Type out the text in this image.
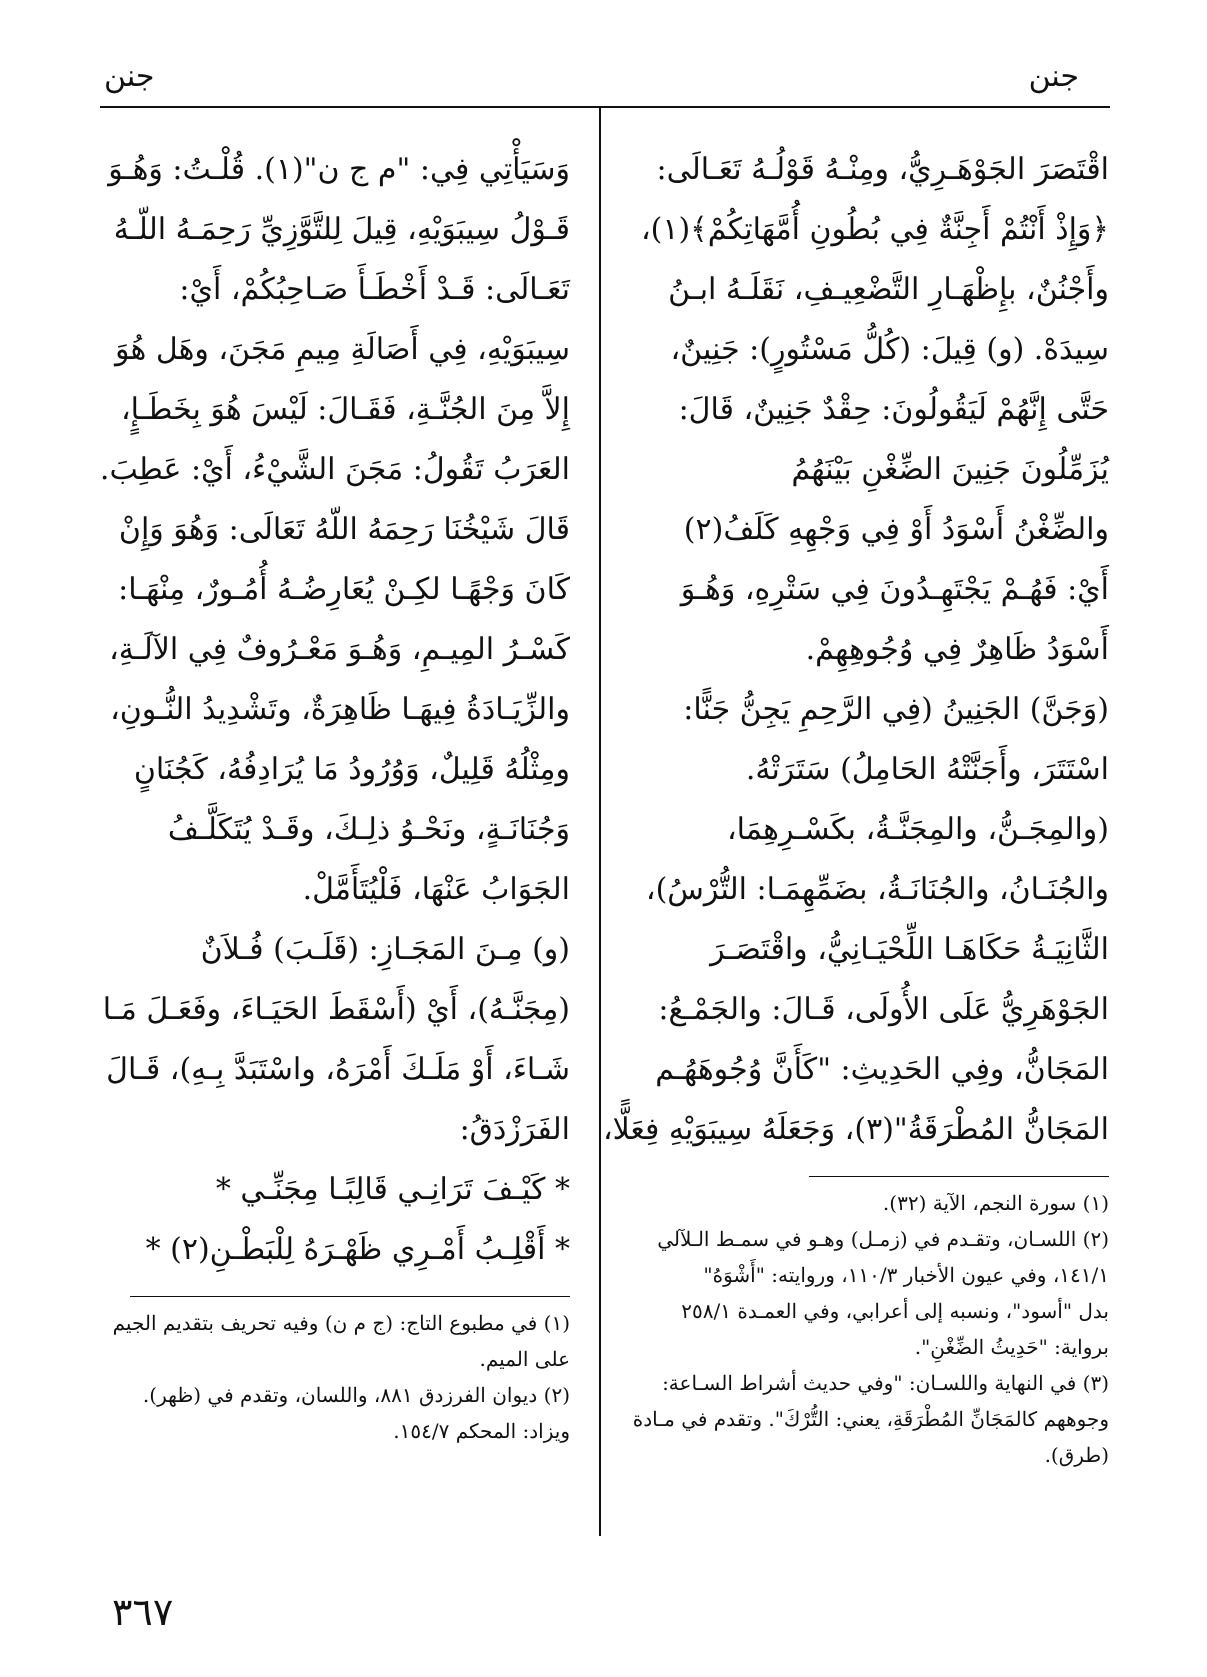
جنن
جنن
اقْتَصَرَ الجَوْهَـرِيُّ، ومِنْـهُ قَوْلُـهُ تَعَـالَى:
﴿وَإِذْ أَنْتُمْ أَجِنَّةٌ فِي بُطُونِ أُمَّهَاتِكُمْ﴾(١)،
وأَجْنُنٌ، بإِظْهَـارِ التَّضْعِيـفِ، نَقَلَـهُ ابـنُ
سِيدَهْ. (و) قِيلَ: (كُلُّ مَسْتُورٍ): جَنِينٌ،
حَتَّى إِنَّهُمْ لَيَقُولُونَ: حِقْدٌ جَنِينٌ، قَالَ:
يُزَمِّلُونَ جَنِينَ الضِّغْنِ بَيْنَهُمُ
والضِّغْنُ أَسْوَدُ أَوْ فِي وَجْهِهِ كَلَفُ(٢)
أَيْ: فَهُـمْ يَجْتَهِـدُونَ فِي سَتْرِهِ، وَهُـوَ
أَسْوَدُ ظَاهِرٌ فِي وُجُوهِهِمْ.
(وَجَنَّ) الجَنِينُ (فِي الرَّحِمِ يَجِنُّ جَنًّا:
اسْتَتَرَ، وأَجَنَّتْهُ الحَامِلُ) سَتَرَتْهُ.
(والمِجَـنُّ، والمِجَنَّـةُ، بكَسْـرِهِمَا،
والجُنَـانُ، والجُنَانَـةُ، بضَمِّهِمَـا: التُّرْسُ)،
الثَّانِيَـةُ حَكَاهَـا اللِّحْيَـانِيُّ، واقْتَصَـرَ
الجَوْهَرِيُّ عَلَى الأُولَى، قَـالَ: والجَمْـعُ:
المَجَانُّ، وفِي الحَدِيثِ: "كَأَنَّ وُجُوهَهُـم
المَجَانُّ المُطْرَقَةُ"(٣)، وَجَعَلَهُ سِيبَوَيْهِ فِعَلًّا،
(١) سورة النجم، الآية (٣٢).
(٢) اللسـان، وتقـدم في (زمـل) وهـو في سمـط الـلآلي
١٤١/١، وفي عيون الأخبار ١١٠/٣، وروايته: "أَشْوَهُ"
بدل "أسود"، ونسبه إلى أعرابي، وفي العمـدة ٢٥٨/١
برواية: "حَدِيثُ الضِّغْنِ".
(٣) في النهاية واللسـان: "وفي حديث أشراط السـاعة:
وجوههم كالمَجَانِّ المُطْرَقَةِ، يعني: التُّرْكَ". وتقدم في مـادة
(طرق).
وَسَيَأْتِي فِي: "م ج ن"(١). قُلْـتُ: وَهُـوَ
قَـوْلُ سِيبَوَيْهِ، قِيلَ لِلتَّوَّزِيِّ رَحِمَـهُ اللّـهُ
تَعَـالَى: قَـدْ أَخْطَـأَ صَـاحِبُكُمْ، أَيْ:
سِيبَوَيْهِ، فِي أَصَالَةِ مِيمِ مَجَنَ، وهَل هُوَ
إِلاَّ مِنَ الجُنَّـةِ، فَقَـالَ: لَيْسَ هُوَ بِخَطَـإٍ،
العَرَبُ تَقُولُ: مَجَنَ الشَّيْءُ، أَيْ: عَطِبَ.
قَالَ شَيْخُنَا رَحِمَهُ اللّهُ تَعَالَى: وَهُوَ وَإِنْ
كَانَ وَجْهًـا لكِـنْ يُعَارِضُـهُ أُمُـورٌ، مِنْهَـا:
كَسْـرُ المِيـمِ، وَهُـوَ مَعْـرُوفٌ فِي الآلَـةِ،
والزِّيَـادَةُ فِيهَـا ظَاهِرَةٌ، وتَشْدِيدُ النُّـونِ،
ومِثْلُهُ قَلِيلٌ، وَوُرُودُ مَا يُرَادِفُهُ، كَجُنَانٍ
وَجُنَانَـةٍ، ونَحْـوُ ذلِـكَ، وقَـدْ يُتَكَلَّـفُ
الجَوَابُ عَنْهَا، فَلْيُتَأَمَّلْ.
(و) مِـنَ المَجَـازِ: (قَلَـبَ) فُـلاَنٌ
(مِجَنَّـهُ)، أَيْ (أَسْقَطَ الحَيَـاءَ، وفَعَـلَ مَـا
شَـاءَ، أَوْ مَلَـكَ أَمْرَهُ، واسْتَبَدَّ بِـهِ)، قَـالَ
الفَرَزْدَقُ:
* كَيْـفَ تَرَانِـي قَالِبًـا مِجَنِّـي *
* أَقْلِـبُ أَمْـرِي ظَهْـرَهُ لِلْبَطْـنِ(٢) *
(١) في مطبوع التاج: (ج م ن) وفيه تحريف بتقديم الجيم
على الميم.
(٢) ديوان الفرزدق ٨٨١، واللسان، وتقدم في (ظهر).
ويزاد: المحكم ١٥٤/٧.
٣٦٧
